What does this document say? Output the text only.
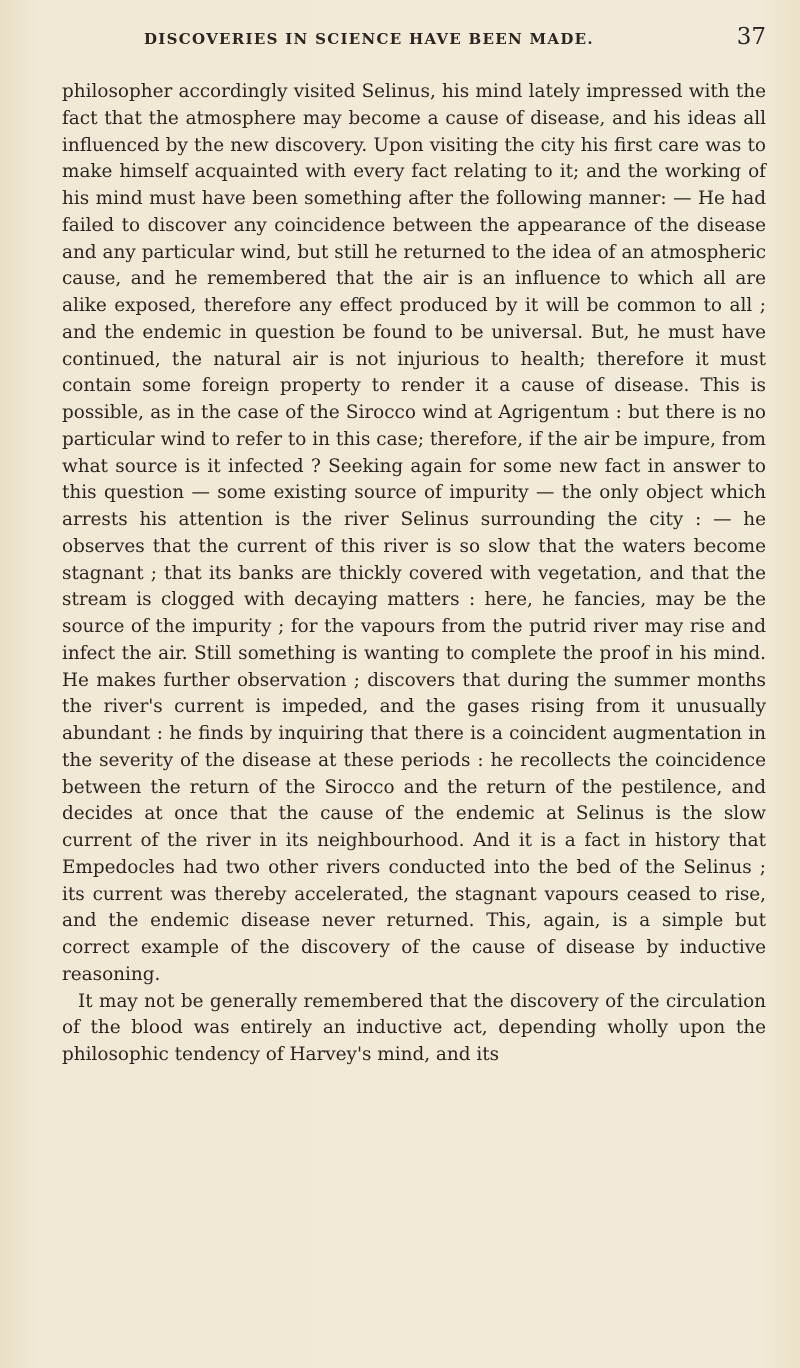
DISCOVERIES IN SCIENCE HAVE BEEN MADE.	37

philosopher accordingly visited Selinus, his mind lately impressed with the fact that the atmosphere may become a cause of disease, and his ideas all influenced by the new discovery. Upon visiting the city his first care was to make himself acquainted with every fact relating to it; and the working of his mind must have been something after the following manner: — He had failed to discover any coincidence between the appearance of the disease and any particular wind, but still he returned to the idea of an atmospheric cause, and he remembered that the air is an influence to which all are alike exposed, therefore any effect produced by it will be common to all ; and the endemic in question be found to be universal. But, he must have continued, the natural air is not injurious to health; therefore it must contain some foreign property to render it a cause of disease. This is possible, as in the case of the Sirocco wind at Agrigentum : but there is no particular wind to refer to in this case; therefore, if the air be impure, from what source is it infected ? Seeking again for some new fact in answer to this question — some existing source of impurity — the only object which arrests his attention is the river Selinus surrounding the city : — he observes that the current of this river is so slow that the waters become stagnant ; that its banks are thickly covered with vegetation, and that the stream is clogged with decaying matters : here, he fancies, may be the source of the impurity ; for the vapours from the putrid river may rise and infect the air. Still something is wanting to complete the proof in his mind. He makes further observation ; discovers that during the summer months the river's current is impeded, and the gases rising from it unusually abundant : he finds by inquiring that there is a coincident augmentation in the severity of the disease at these periods : he recollects the coincidence between the return of the Sirocco and the return of the pestilence, and decides at once that the cause of the endemic at Selinus is the slow current of the river in its neighbourhood. And it is a fact in history that Empedocles had two other rivers conducted into the bed of the Selinus ; its current was thereby accelerated, the stagnant vapours ceased to rise, and the endemic disease never returned. This, again, is a simple but correct example of the discovery of the cause of disease by inductive reasoning.

It may not be generally remembered that the discovery of the circulation of the blood was entirely an inductive act, depending wholly upon the philosophic tendency of Harvey's mind, and its
